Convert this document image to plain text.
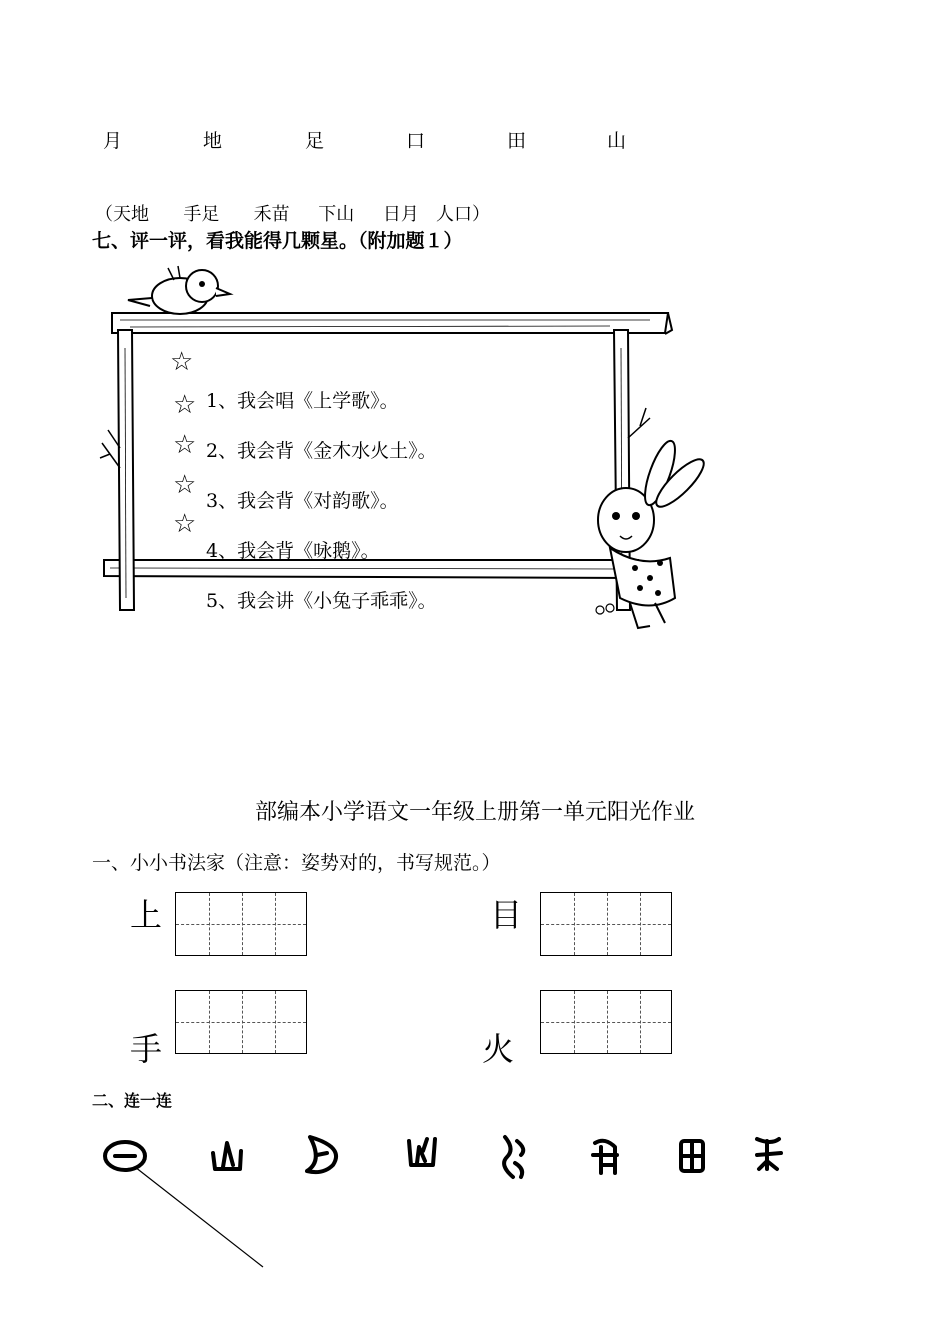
月	地	足	口	田	山
（天地      手足      禾苗     下山     日月   人口）
七、评一评，看我能得几颗星。（附加题１）
☆
☆
☆
☆
☆
1、我会唱《上学歌》。
2、我会背《金木水火土》。
3、我会背《对韵歌》。
4、我会背《咏鹅》。
5、我会讲《小兔子乖乖》。
部编本小学语文一年级上册第一单元阳光作业
一、小小书法家（注意：姿势对的，书写规范。）
上	目
手	火
二、连一连
